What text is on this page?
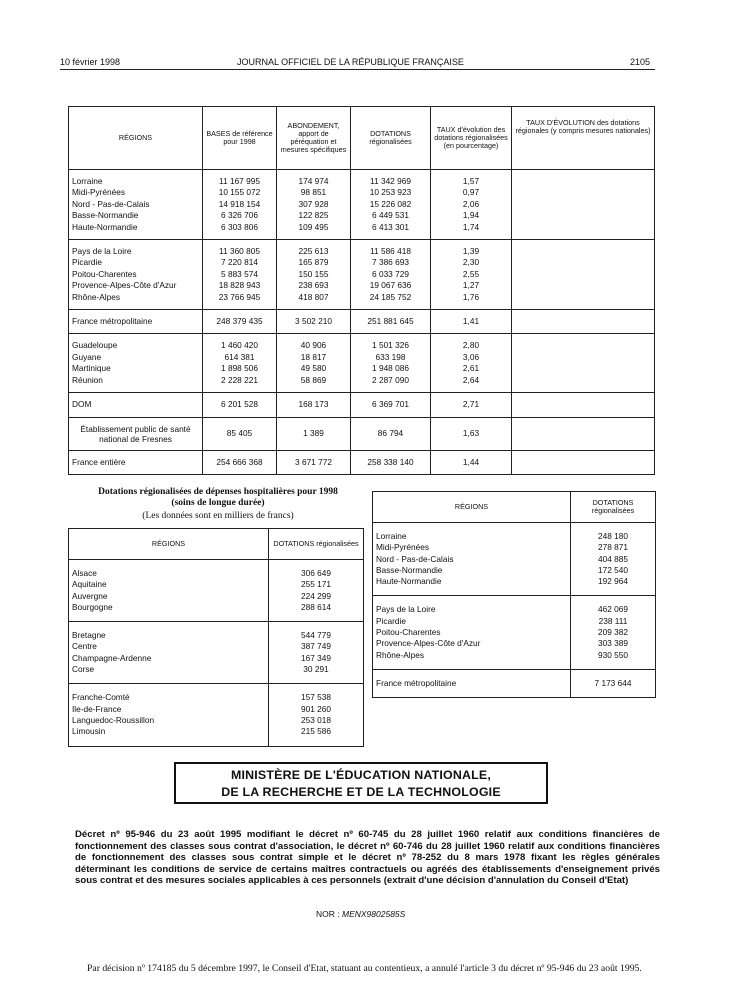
10 février 1998	JOURNAL OFFICIEL DE LA RÉPUBLIQUE FRANÇAISE	2105
RÉGIONS	BASES de référence pour 1998	ABONDEMENT, apport de péréquation et mesures spécifiques	DOTATIONS régionalisées	TAUX d'évolution des dotations régionalisées (en pourcentage)	TAUX D'ÉVOLUTION des dotations régionales (y compris mesures nationales)

Lorraine	11 167 995	174 974	11 342 969	1,57	
Midi-Pyrénées	10 155 072	98 851	10 253 923	0,97	
Nord - Pas-de-Calais	14 918 154	307 928	15 226 082	2,06	
Basse-Normandie	6 326 706	122 825	6 449 531	1,94	
Haute-Normandie	6 303 806	109 495	6 413 301	1,74	

Pays de la Loire	11 360 805	225 613	11 586 418	1,39	
Picardie	7 220 814	165 879	7 386 693	2,30	
Poitou-Charentes	5 883 574	150 155	6 033 729	2,55	
Provence-Alpes-Côte d'Azur	18 828 943	238 693	19 067 636	1,27	
Rhône-Alpes	23 766 945	418 807	24 185 752	1,76	

France métropolitaine	248 379 435	3 502 210	251 881 645	1,41	

Guadeloupe	1 460 420	40 906	1 501 326	2,80	
Guyane	614 381	18 817	633 198	3,06	
Martinique	1 898 506	49 580	1 948 086	2,61	
Réunion	2 228 221	58 869	2 287 090	2,64	

DOM	6 201 528	168 173	6 369 701	2,71	

Établissement public de santé national de Fresnes	85 405	1 389	86 794	1,63	

France entière	254 666 368	3 671 772	258 338 140	1,44	

Dotations régionalisées de dépenses hospitalières pour 1998
(soins de longue durée)
(Les données sont en milliers de francs)
RÉGIONS	DOTATIONS régionalisées

Alsace	306 649
Aquitaine	255 171
Auvergne	224 299
Bourgogne	288 614

Bretagne	544 779
Centre	387 749
Champagne-Ardenne	167 349
Corse	30 291

Franche-Comté	157 538
Ile-de-France	901 260
Languedoc-Roussillon	253 018
Limousin	215 586

RÉGIONS	DOTATIONS régionalisées

Lorraine	248 180
Midi-Pyrénées	278 871
Nord - Pas-de-Calais	404 885
Basse-Normandie	172 540
Haute-Normandie	192 964

Pays de la Loire	462 069
Picardie	238 111
Poitou-Charentes	209 382
Provence-Alpes-Côte d'Azur	303 389
Rhône-Alpes	930 550

France métropolitaine	7 173 644

MINISTÈRE DE L'ÉDUCATION NATIONALE,
DE LA RECHERCHE ET DE LA TECHNOLOGIE
Décret nº 95-946 du 23 août 1995 modifiant le décret nº 60-745 du 28 juillet 1960 relatif aux conditions financières de fonctionnement des classes sous contrat d'association, le décret nº 60-746 du 28 juillet 1960 relatif aux conditions financières de fonctionnement des classes sous contrat simple et le décret nº 78-252 du 8 mars 1978 fixant les règles générales déterminant les conditions de service de certains maîtres contractuels ou agréés des établissements d'enseignement privés sous contrat et des mesures sociales applicables à ces personnels (extrait d'une décision d'annulation du Conseil d'Etat)
NOR : MENX9802585S
Par décision nº 174185 du 5 décembre 1997, le Conseil d'Etat, statuant au contentieux, a annulé l'article 3 du décret nº 95-946 du 23 août 1995.
